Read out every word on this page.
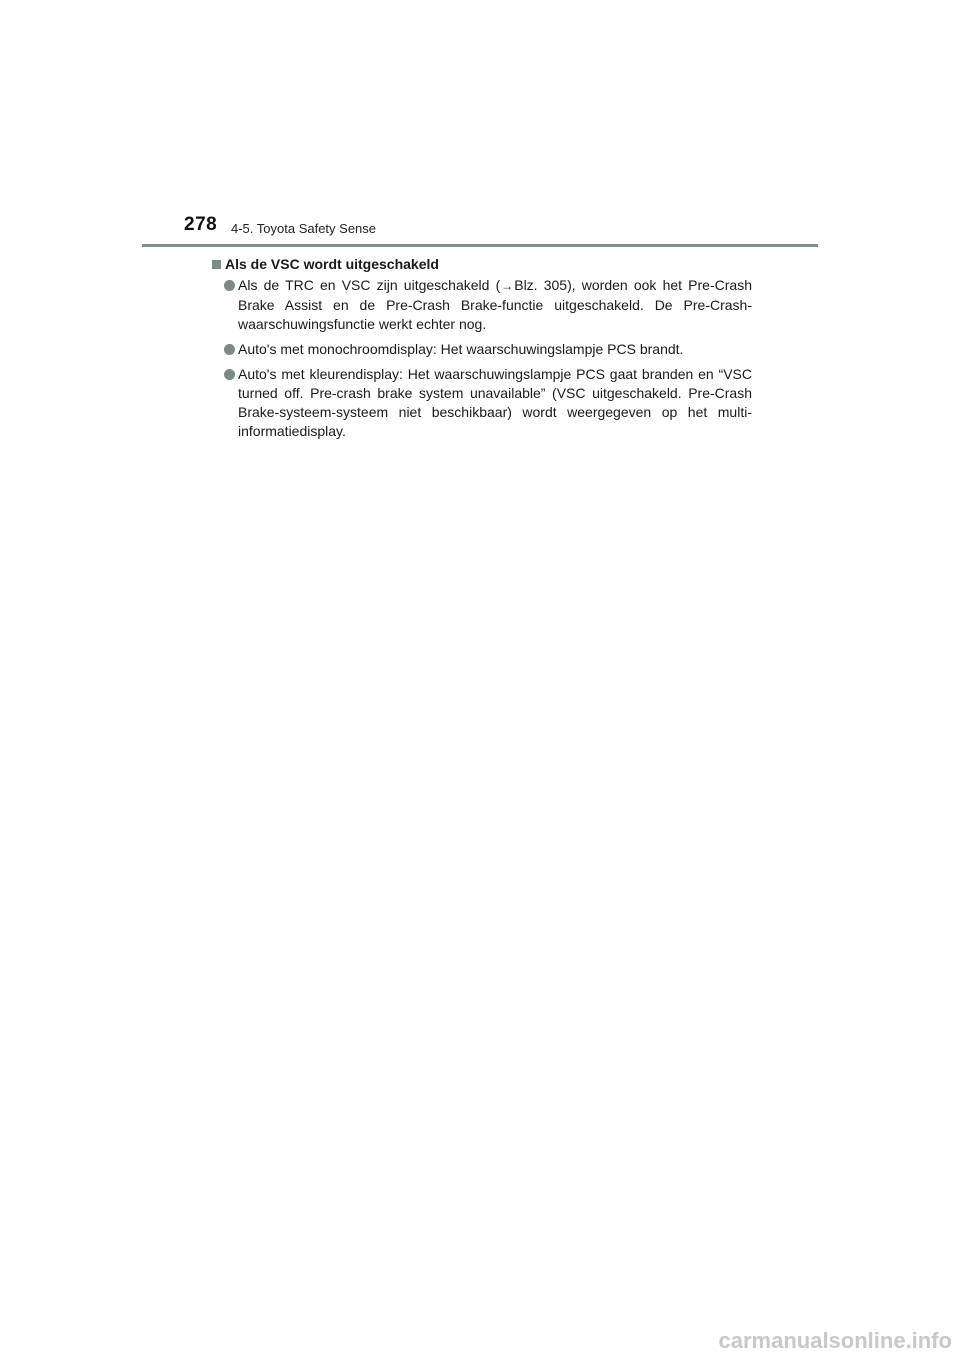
278 4-5. Toyota Safety Sense
Als de VSC wordt uitgeschakeld
Als de TRC en VSC zijn uitgeschakeld (→Blz. 305), worden ook het Pre-Crash Brake Assist en de Pre-Crash Brake-functie uitgeschakeld. De Pre-Crash-waarschuwingsfunctie werkt echter nog.
Auto's met monochroomdisplay: Het waarschuwingslampje PCS brandt.
Auto's met kleurendisplay: Het waarschuwingslampje PCS gaat branden en “VSC turned off. Pre-crash brake system unavailable” (VSC uitgeschakeld. Pre-Crash Brake-systeem-systeem niet beschikbaar) wordt weergegeven op het multi-informatiedisplay.
carmanualsonline.info
